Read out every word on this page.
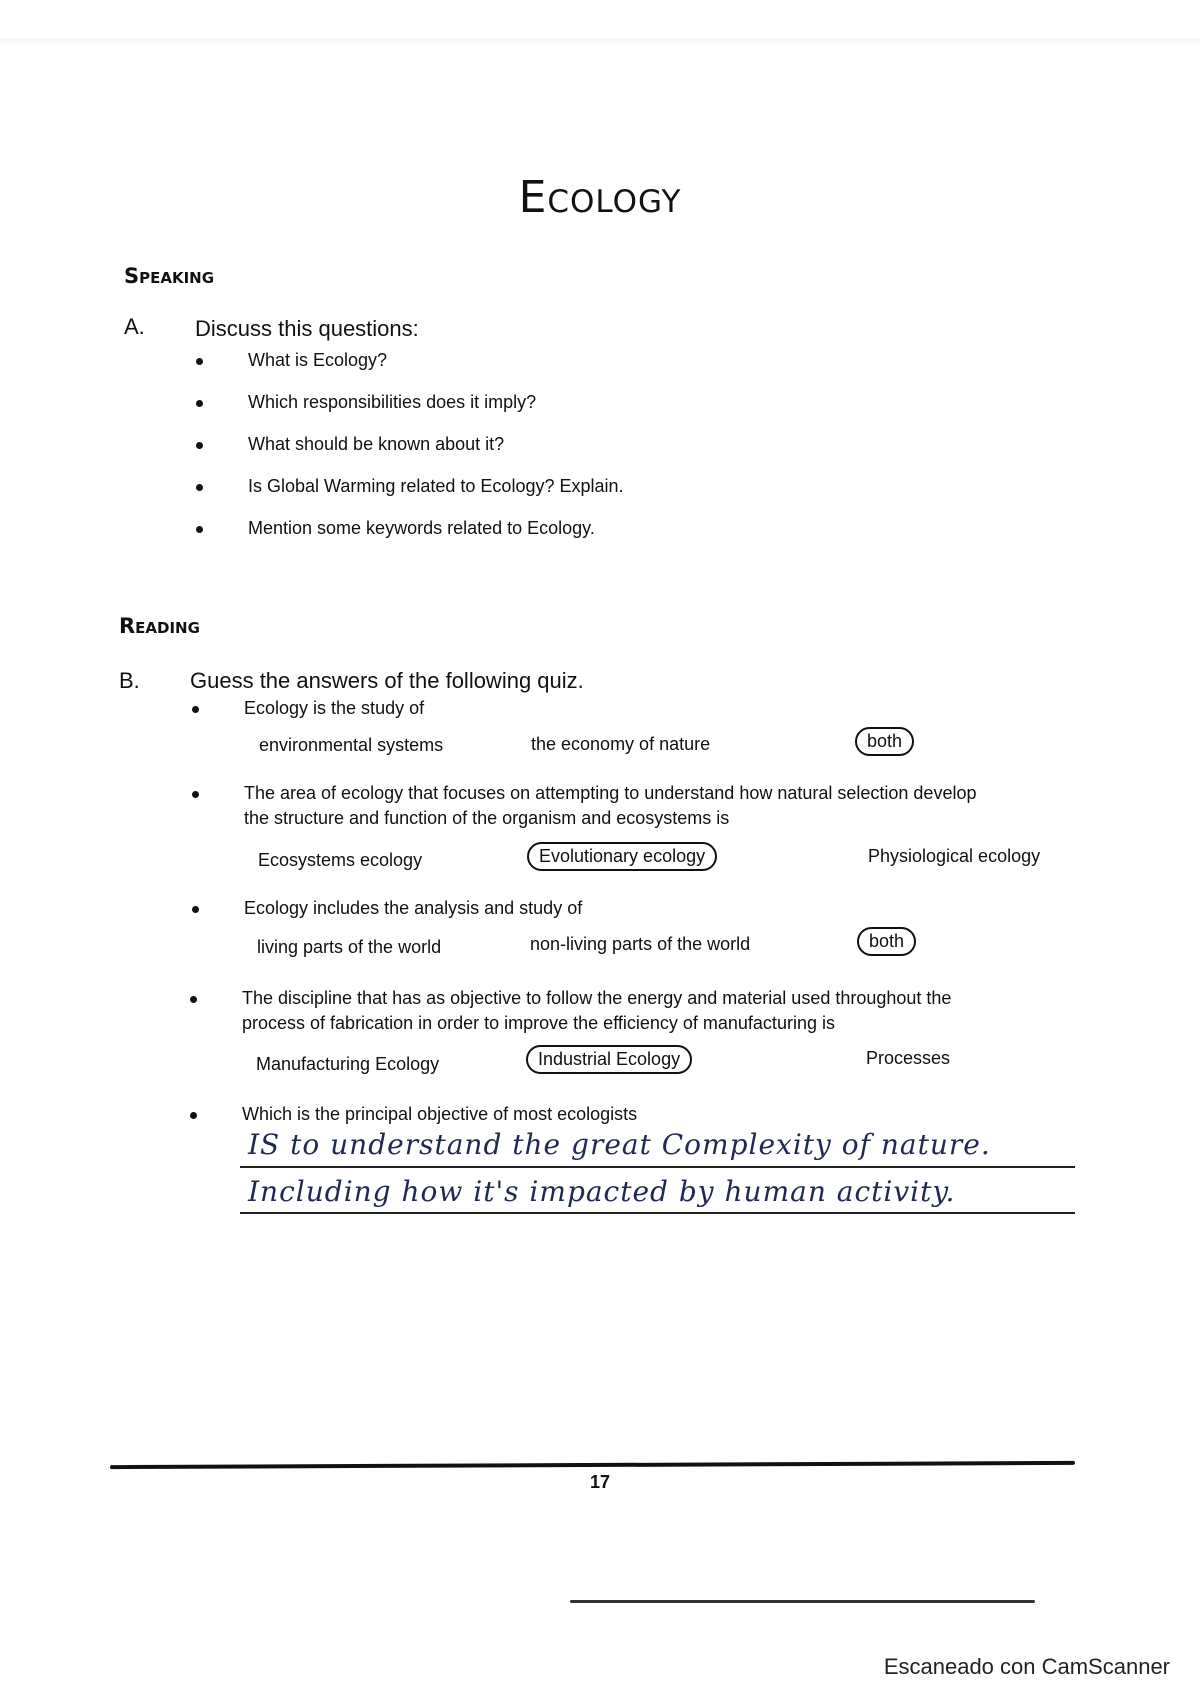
Ecology
Speaking
A. Discuss this questions:
What is Ecology?
Which responsibilities does it imply?
What should be known about it?
Is Global Warming related to Ecology? Explain.
Mention some keywords related to Ecology.
Reading
B. Guess the answers of the following quiz.
Ecology is the study of
environmental systems	the economy of nature	both
The area of ecology that focuses on attempting to understand how natural selection develop
the structure and function of the organism and ecosystems is
Ecosystems ecology	Evolutionary ecology	Physiological ecology
Ecology includes the analysis and study of
living parts of the world	non-living parts of the world	both
The discipline that has as objective to follow the energy and material used throughout the
process of fabrication in order to improve the efficiency of manufacturing is
Manufacturing Ecology	Industrial Ecology	Processes
Which is the principal objective of most ecologists
IS to understand the great Complexity of nature.
Including how it's impacted by human activity.
17
Escaneado con CamScanner
